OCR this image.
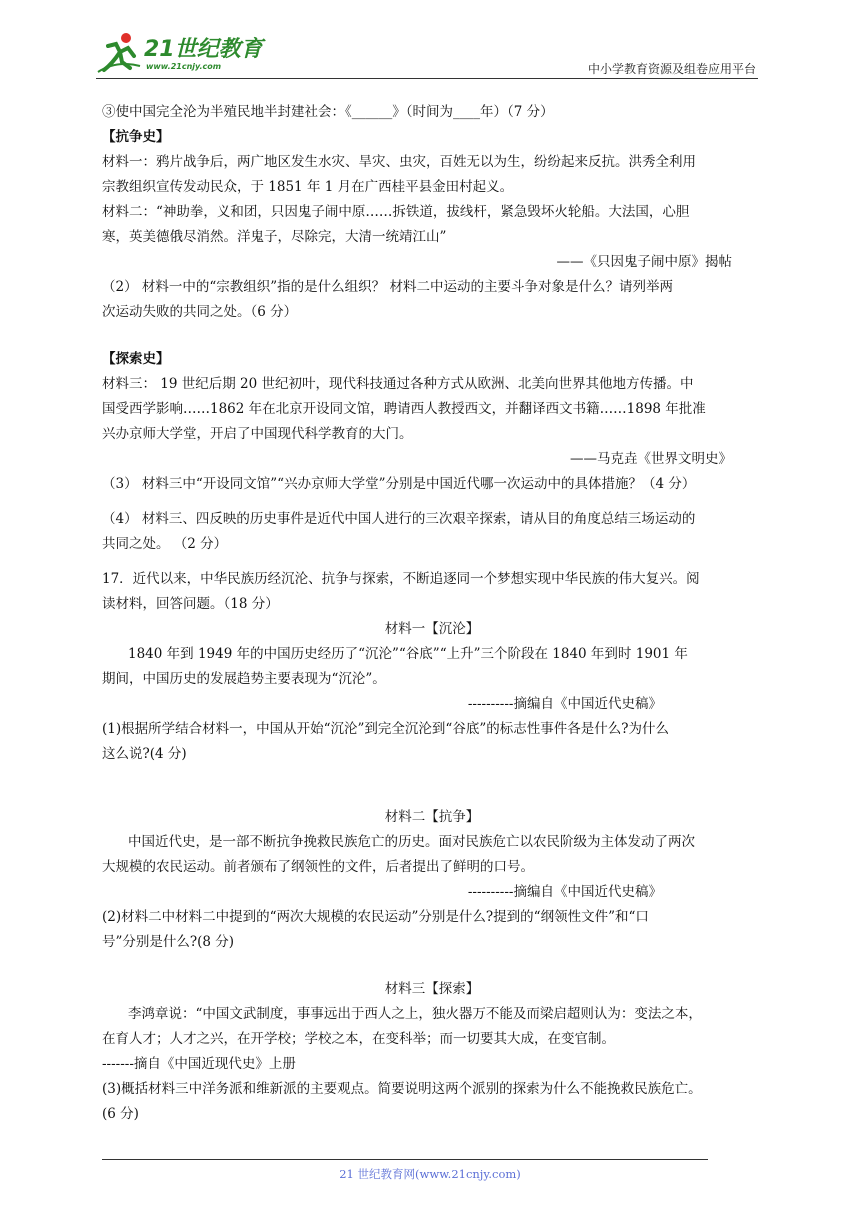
21世纪教育
www.21cnjy.com	中小学教育资源及组卷应用平台
③使中国完全沦为半殖民地半封建社会：《______》（时间为____年）（7 分）
【抗争史】
材料一：鸦片战争后，两广地区发生水灾、旱灾、虫灾，百姓无以为生，纷纷起来反抗。洪秀全利用
宗教组织宣传发动民众，于 1851 年 1 月在广西桂平县金田村起义。
材料二：“神助拳，义和团，只因鬼子闹中原……拆铁道，拔线杆，紧急毁坏火轮船。大法国，心胆
寒，英美德俄尽消然。洋鬼子，尽除完，大清一统靖江山”
——《只因鬼子闹中原》揭帖
（2） 材料一中的“宗教组织”指的是什么组织？ 材料二中运动的主要斗争对象是什么？请列举两
次运动失败的共同之处。（6 分）
【探索史】
材料三： 19 世纪后期 20 世纪初叶，现代科技通过各种方式从欧洲、北美向世界其他地方传播。中
国受西学影响……1862 年在北京开设同文馆，聘请西人教授西文，并翻译西文书籍……1898 年批准
兴办京师大学堂，开启了中国现代科学教育的大门。
——马克垚《世界文明史》
（3） 材料三中“开设同文馆”“兴办京师大学堂”分别是中国近代哪一次运动中的具体措施？（4 分）
（4） 材料三、四反映的历史事件是近代中国人进行的三次艰辛探索，请从目的角度总结三场运动的
共同之处。 （2 分）
17．近代以来，中华民族历经沉沦、抗争与探索，不断追逐同一个梦想实现中华民族的伟大复兴。阅
读材料，回答问题。（18 分）
材料一【沉沦】
1840 年到 1949 年的中国历史经历了“沉沦”“谷底”“上升”三个阶段在 1840 年到时 1901 年
期间，中国历史的发展趋势主要表现为“沉沦”。
----------摘编自《中国近代史稿》
(1)根据所学结合材料一，中国从开始“沉沦”到完全沉沦到“谷底”的标志性事件各是什么?为什么
这么说?(4 分)
材料二【抗争】
中国近代史，是一部不断抗争挽救民族危亡的历史。面对民族危亡以农民阶级为主体发动了两次
大规模的农民运动。前者颁布了纲领性的文件，后者提出了鲜明的口号。
----------摘编自《中国近代史稿》
(2)材料二中材料二中提到的“两次大规模的农民运动”分别是什么?提到的“纲领性文件”和“口
号”分别是什么?(8 分)
材料三【探索】
李鸿章说：“中国文武制度，事事远出于西人之上，独火器万不能及而梁启超则认为：变法之本，
在育人才；人才之兴，在开学校；学校之本，在变科举；而一切要其大成，在变官制。
-------摘自《中国近现代史》上册
(3)概括材料三中洋务派和维新派的主要观点。简要说明这两个派别的探索为什么不能挽救民族危亡。
(6 分)
21 世纪教育网(www.21cnjy.com)
